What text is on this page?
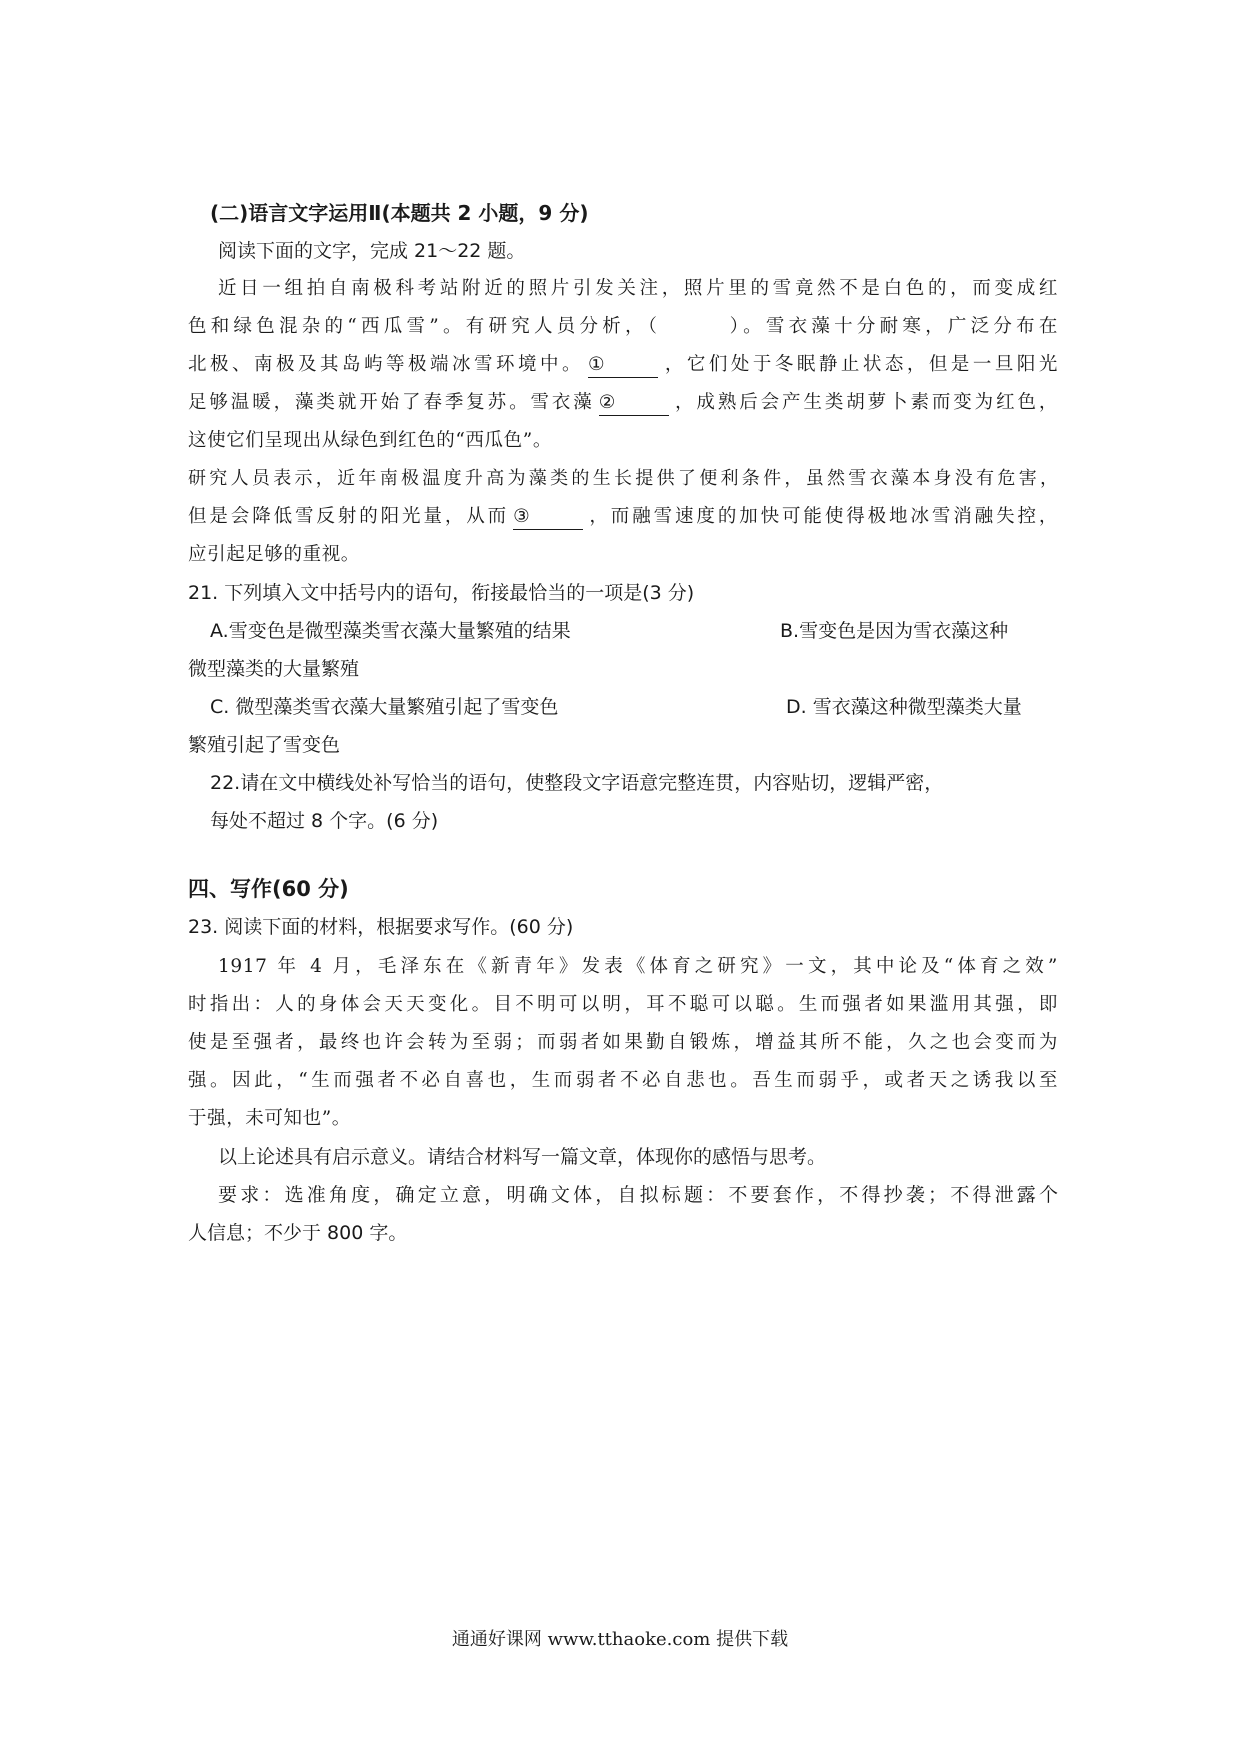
(二)语言文字运用Ⅱ(本题共 2 小题，9 分)
阅读下面的文字，完成 21～22 题。
近日一组拍自南极科考站附近的照片引发关注，照片里的雪竟然不是白色的，而变成红
色和绿色混杂的“西瓜雪”。有研究人员分析，（　　　）。雪衣藻十分耐寒，广泛分布在
北极、南极及其岛屿等极端冰雪环境中。 ①	，它们处于冬眠静止状态，但是一旦阳光
足够温暖，藻类就开始了春季复苏。雪衣藻 ②	，成熟后会产生类胡萝卜素而变为红色，
这使它们呈现出从绿色到红色的“西瓜色”。
研究人员表示，近年南极温度升高为藻类的生长提供了便利条件，虽然雪衣藻本身没有危害，
但是会降低雪反射的阳光量，从而 ③	，而融雪速度的加快可能使得极地冰雪消融失控，
应引起足够的重视。
21. 下列填入文中括号内的语句，衔接最恰当的一项是(3 分)
A.雪变色是微型藻类雪衣藻大量繁殖的结果	B.雪变色是因为雪衣藻这种
微型藻类的大量繁殖
C. 微型藻类雪衣藻大量繁殖引起了雪变色	D. 雪衣藻这种微型藻类大量
繁殖引起了雪变色
22.请在文中横线处补写恰当的语句，使整段文字语意完整连贯，内容贴切，逻辑严密，
每处不超过 8 个字。(6 分)
四、写作(60 分)
23. 阅读下面的材料，根据要求写作。(60 分)
1917 年 4 月，毛泽东在《新青年》发表《体育之研究》一文，其中论及“体育之效”
时指出：人的身体会天天变化。目不明可以明，耳不聪可以聪。生而强者如果滥用其强，即
使是至强者，最终也许会转为至弱；而弱者如果勤自锻炼，增益其所不能，久之也会变而为
强。因此，“生而强者不必自喜也，生而弱者不必自悲也。吾生而弱乎，或者天之诱我以至
于强，未可知也”。
以上论述具有启示意义。请结合材料写一篇文章，体现你的感悟与思考。
要求：选准角度，确定立意，明确文体，自拟标题：不要套作，不得抄袭；不得泄露个
人信息；不少于 800 字。
通通好课网 www.tthaoke.com 提供下载
